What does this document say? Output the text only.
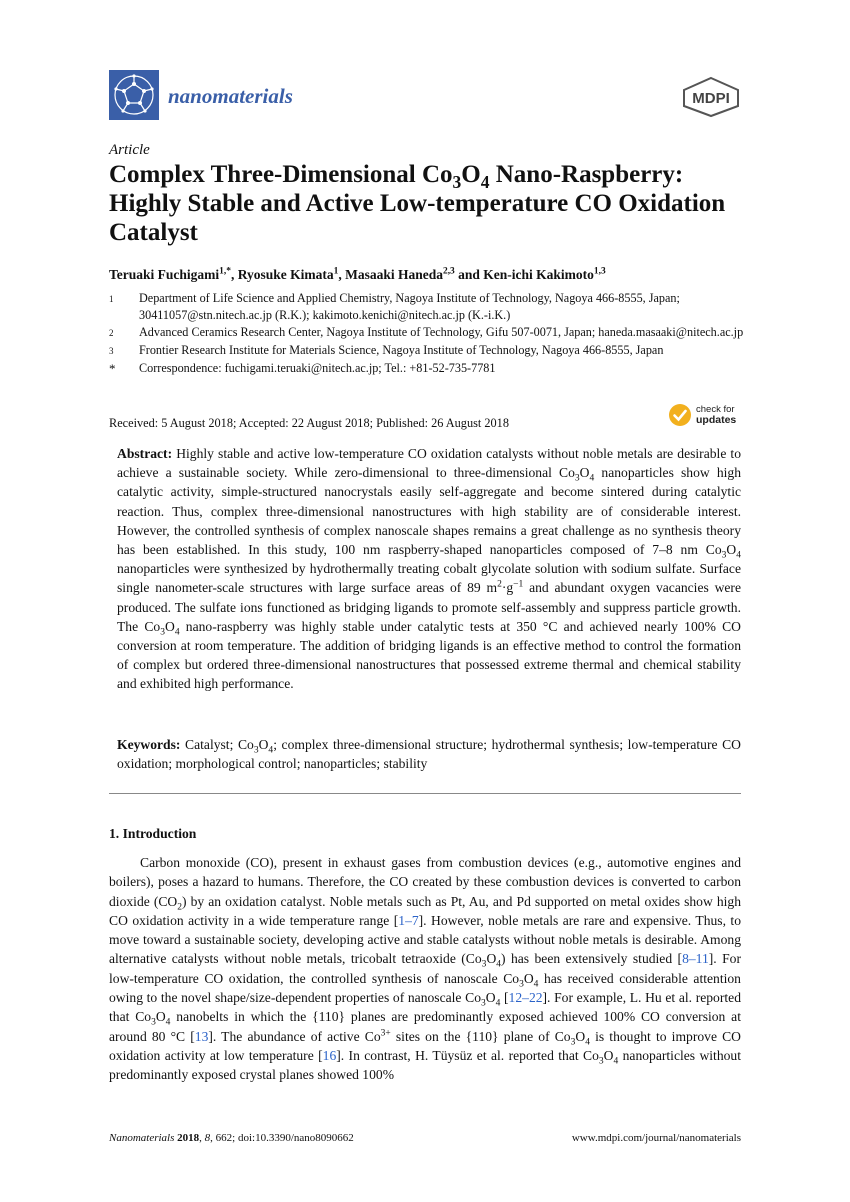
nanomaterials	MDPI
Article
Complex Three-Dimensional $Co_3O_4$ Nano-Raspberry: Highly Stable and Active Low-temperature CO Oxidation Catalyst
Teruaki Fuchigami$^{1,*}$, Ryosuke Kimata$^1$, Masaaki Haneda$^{2,3}$ and Ken-ichi Kakimoto$^{1,3}$
1	Department of Life Science and Applied Chemistry, Nagoya Institute of Technology, Nagoya 466-8555, Japan; 30411057@stn.nitech.ac.jp (R.K.); kakimoto.kenichi@nitech.ac.jp (K.-i.K.)
2	Advanced Ceramics Research Center, Nagoya Institute of Technology, Gifu 507-0071, Japan; haneda.masaaki@nitech.ac.jp
3	Frontier Research Institute for Materials Science, Nagoya Institute of Technology, Nagoya 466-8555, Japan
*	Correspondence: fuchigami.teruaki@nitech.ac.jp; Tel.: +81-52-735-7781
Received: 5 August 2018; Accepted: 22 August 2018; Published: 26 August 2018
check for
updates

Abstract: Highly stable and active low-temperature CO oxidation catalysts without noble metals are desirable to achieve a sustainable society. While zero-dimensional to three-dimensional $Co_3O_4$ nanoparticles show high catalytic activity, simple-structured nanocrystals easily self-aggregate and become sintered during catalytic reaction. Thus, complex three-dimensional nanostructures with high stability are of considerable interest. However, the controlled synthesis of complex nanoscale shapes remains a great challenge as no synthesis theory has been established. In this study, 100 nm raspberry-shaped nanoparticles composed of 7–8 nm $Co_3O_4$ nanoparticles were synthesized by hydrothermally treating cobalt glycolate solution with sodium sulfate. Surface single nanometer-scale structures with large surface areas of 89 $m^2\cdot g^{-1}$ and abundant oxygen vacancies were produced. The sulfate ions functioned as bridging ligands to promote self-assembly and suppress particle growth. The $Co_3O_4$ nano-raspberry was highly stable under catalytic tests at 350 °C and achieved nearly 100% CO conversion at room temperature. The addition of bridging ligands is an effective method to control the formation of complex but ordered three-dimensional nanostructures that possessed extreme thermal and chemical stability and exhibited high performance.

Keywords: Catalyst; $Co_3O_4$; complex three-dimensional structure; hydrothermal synthesis; low-temperature CO oxidation; morphological control; nanoparticles; stability

1. Introduction

Carbon monoxide (CO), present in exhaust gases from combustion devices (e.g., automotive engines and boilers), poses a hazard to humans. Therefore, the CO created by these combustion devices is converted to carbon dioxide $(CO_2)$ by an oxidation catalyst. Noble metals such as Pt, Au, and Pd supported on metal oxides show high CO oxidation activity in a wide temperature range [1–7]. However, noble metals are rare and expensive. Thus, to move toward a sustainable society, developing active and stable catalysts without noble metals is desirable. Among alternative catalysts without noble metals, tricobalt tetraoxide $(Co_3O_4)$ has been extensively studied [8–11]. For low-temperature CO oxidation, the controlled synthesis of nanoscale $Co_3O_4$ has received considerable attention owing to the novel shape/size-dependent properties of nanoscale $Co_3O_4$ [12–22]. For example, L. Hu et al. reported that $Co_3O_4$ nanobelts in which the {110} planes are predominantly exposed achieved 100% CO conversion at around 80 °C [13]. The abundance of active $Co^{3+}$ sites on the {110} plane of $Co_3O_4$ is thought to improve CO oxidation activity at low temperature [16]. In contrast, H. Tüysüz et al. reported that $Co_3O_4$ nanoparticles without predominantly exposed crystal planes showed 100%

Nanomaterials 2018, 8, 662; doi:10.3390/nano8090662	www.mdpi.com/journal/nanomaterials
